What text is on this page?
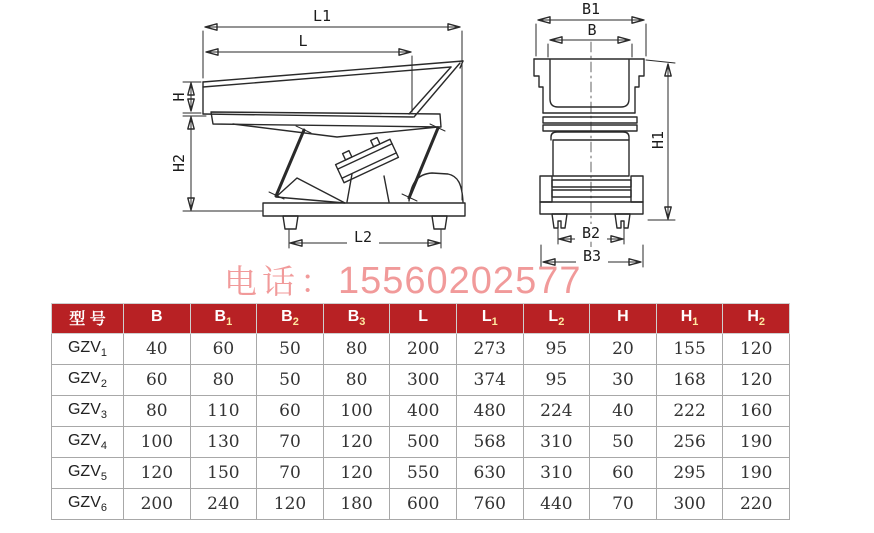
L1
L
H
H2
L2
B1
B
H1
B2
B3
电话：15560202577
型 号	B	$B_1$	$B_2$	$B_3$	L	$L_1$	$L_2$	H	$H_1$	$H_2$
$GZV_1$	40	60	50	80	200	273	95	20	155	120
$GZV_2$	60	80	50	80	300	374	95	30	168	120
$GZV_3$	80	110	60	100	400	480	224	40	222	160
$GZV_4$	100	130	70	120	500	568	310	50	256	190
$GZV_5$	120	150	70	120	550	630	310	60	295	190
$GZV_6$	200	240	120	180	600	760	440	70	300	220
